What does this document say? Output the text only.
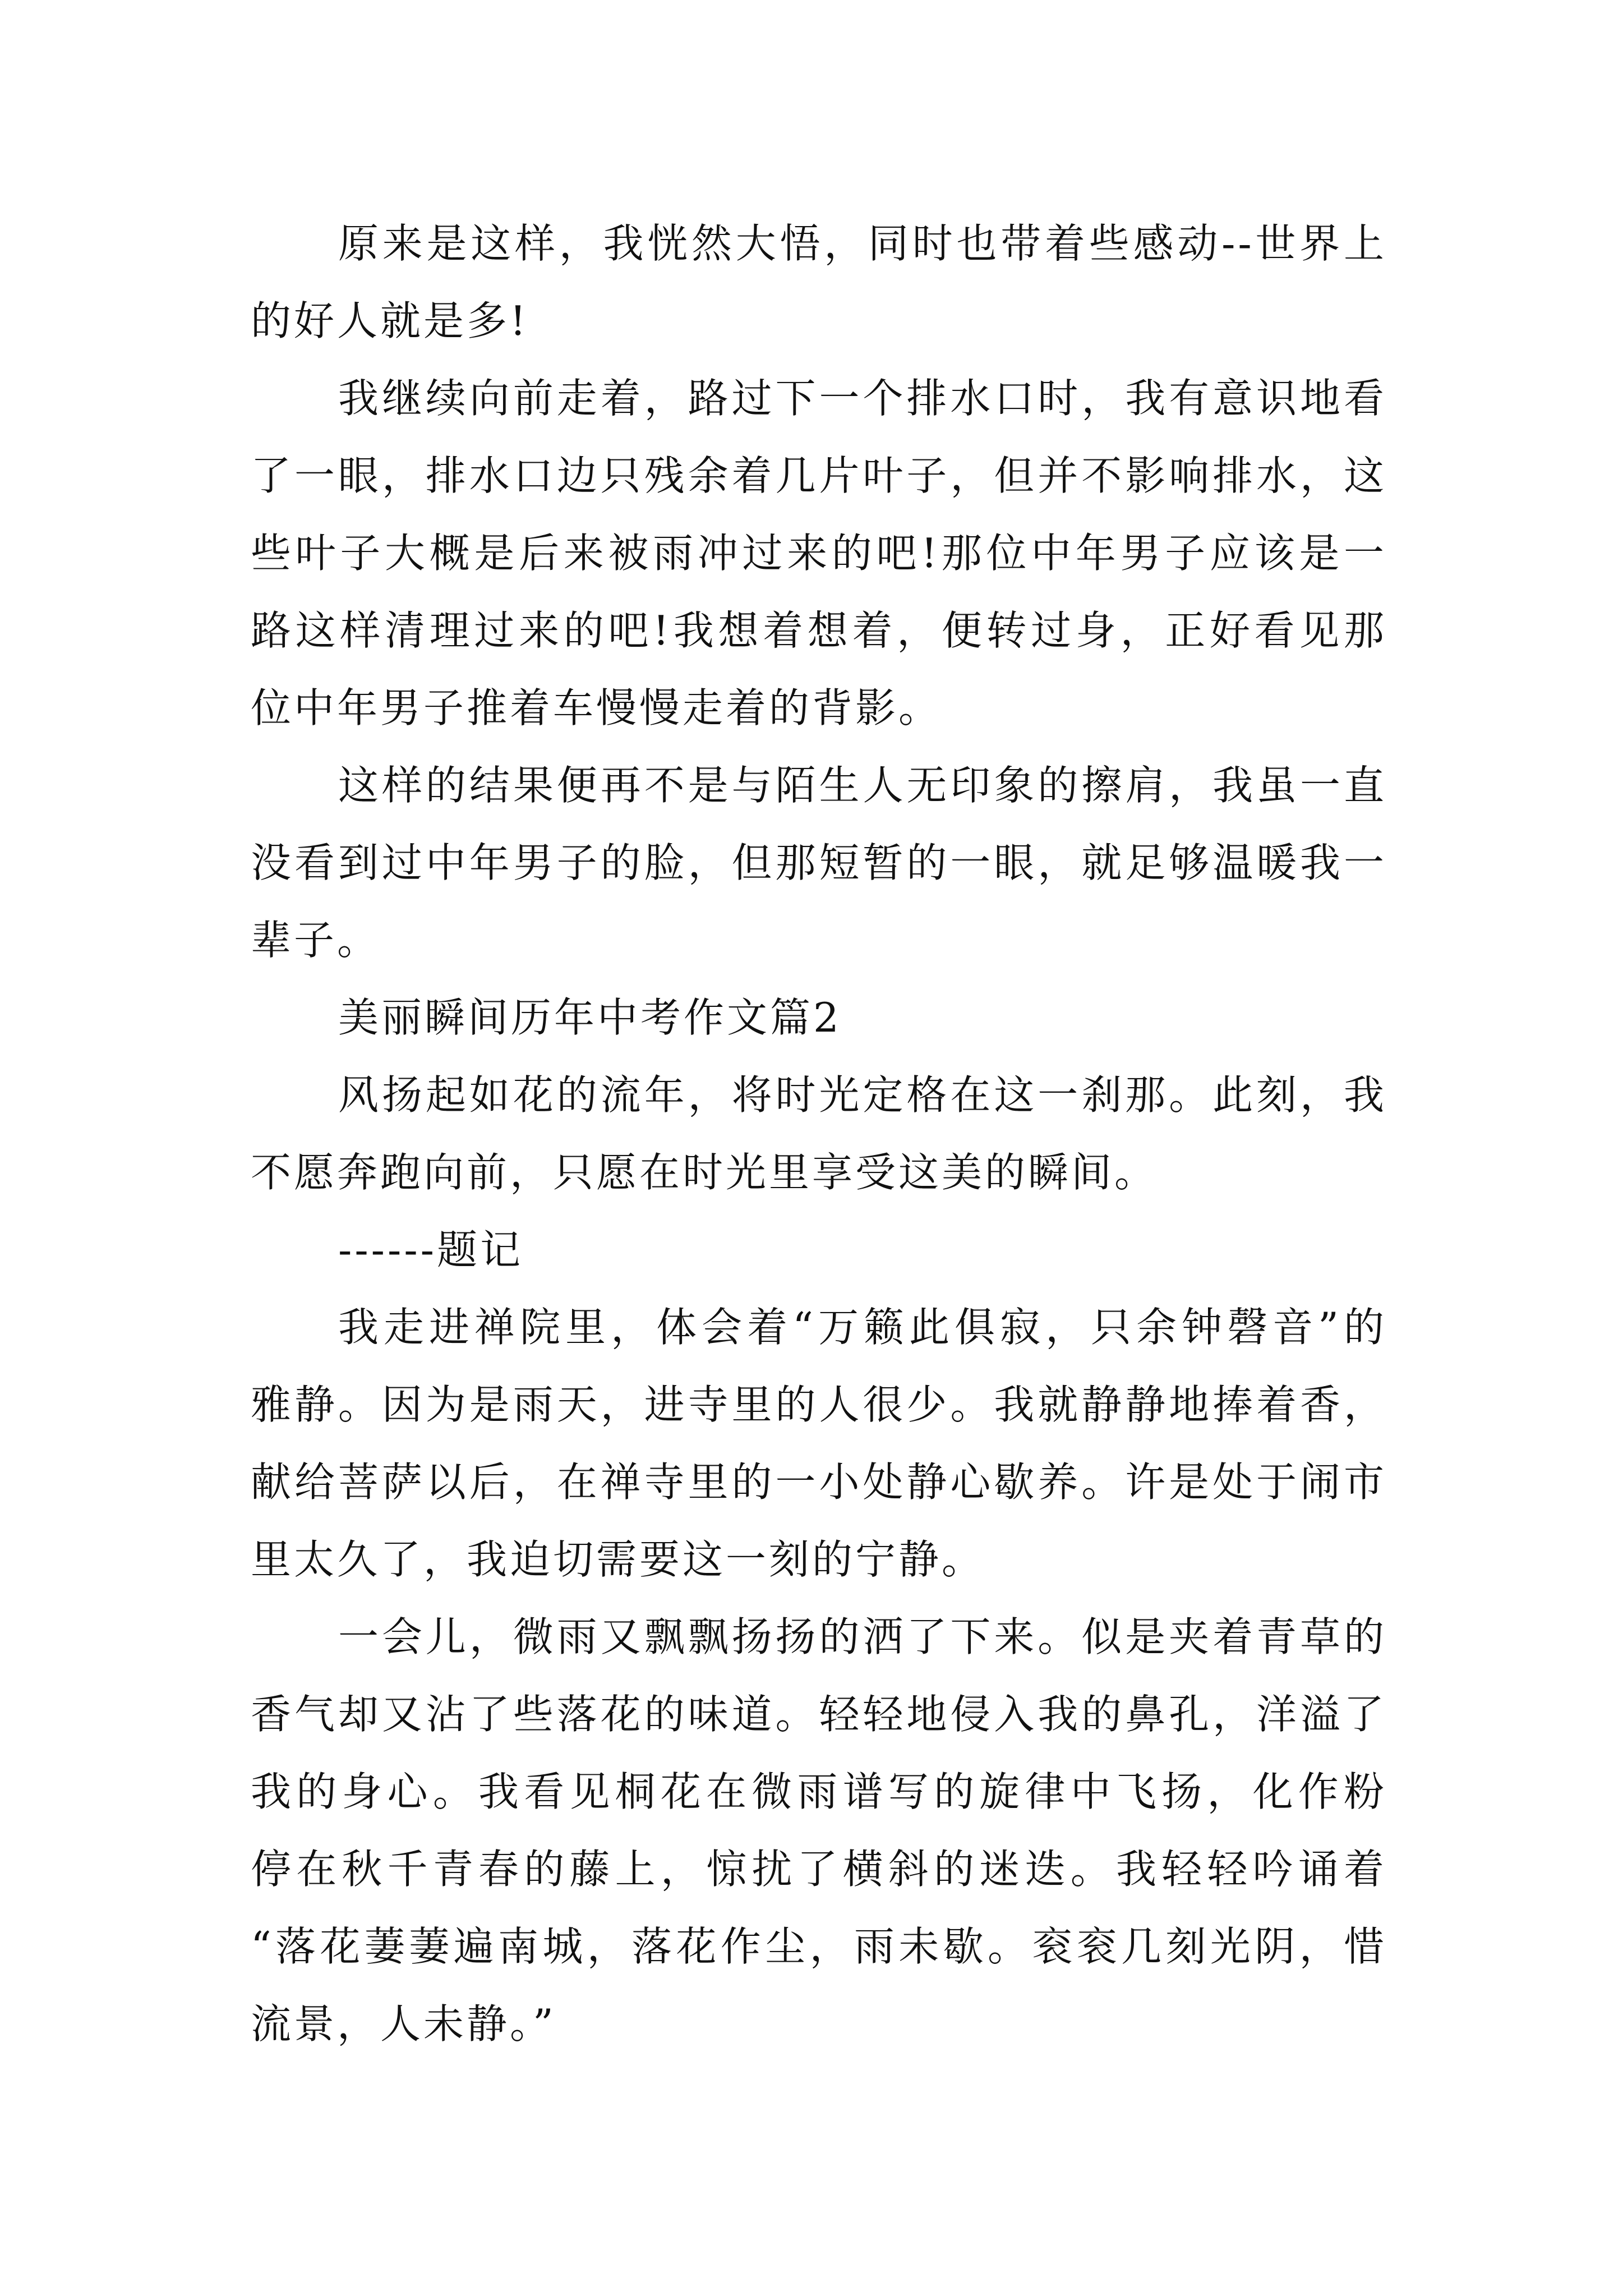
原来是这样，我恍然大悟，同时也带着些感动--世界上
的好人就是多!
我继续向前走着，路过下一个排水口时，我有意识地看
了一眼，排水口边只残余着几片叶子，但并不影响排水，这
些叶子大概是后来被雨冲过来的吧!那位中年男子应该是一
路这样清理过来的吧!我想着想着，便转过身，正好看见那
位中年男子推着车慢慢走着的背影。
这样的结果便再不是与陌生人无印象的擦肩，我虽一直
没看到过中年男子的脸，但那短暂的一眼，就足够温暖我一
辈子。
美丽瞬间历年中考作文篇2
风扬起如花的流年，将时光定格在这一刹那。此刻，我
不愿奔跑向前，只愿在时光里享受这美的瞬间。
------题记
我走进禅院里，体会着“万籁此俱寂，只余钟磬音”的
雅静。因为是雨天，进寺里的人很少。我就静静地捧着香，
献给菩萨以后，在禅寺里的一小处静心歇养。许是处于闹市
里太久了，我迫切需要这一刻的宁静。
一会儿，微雨又飘飘扬扬的洒了下来。似是夹着青草的
香气却又沾了些落花的味道。轻轻地侵入我的鼻孔，洋溢了
我的身心。我看见桐花在微雨谱写的旋律中飞扬，化作粉
停在秋千青春的藤上，惊扰了横斜的迷迭。我轻轻吟诵着
“落花萋萋遍南城，落花作尘，雨未歇。衮衮几刻光阴，惜
流景，人未静。”
